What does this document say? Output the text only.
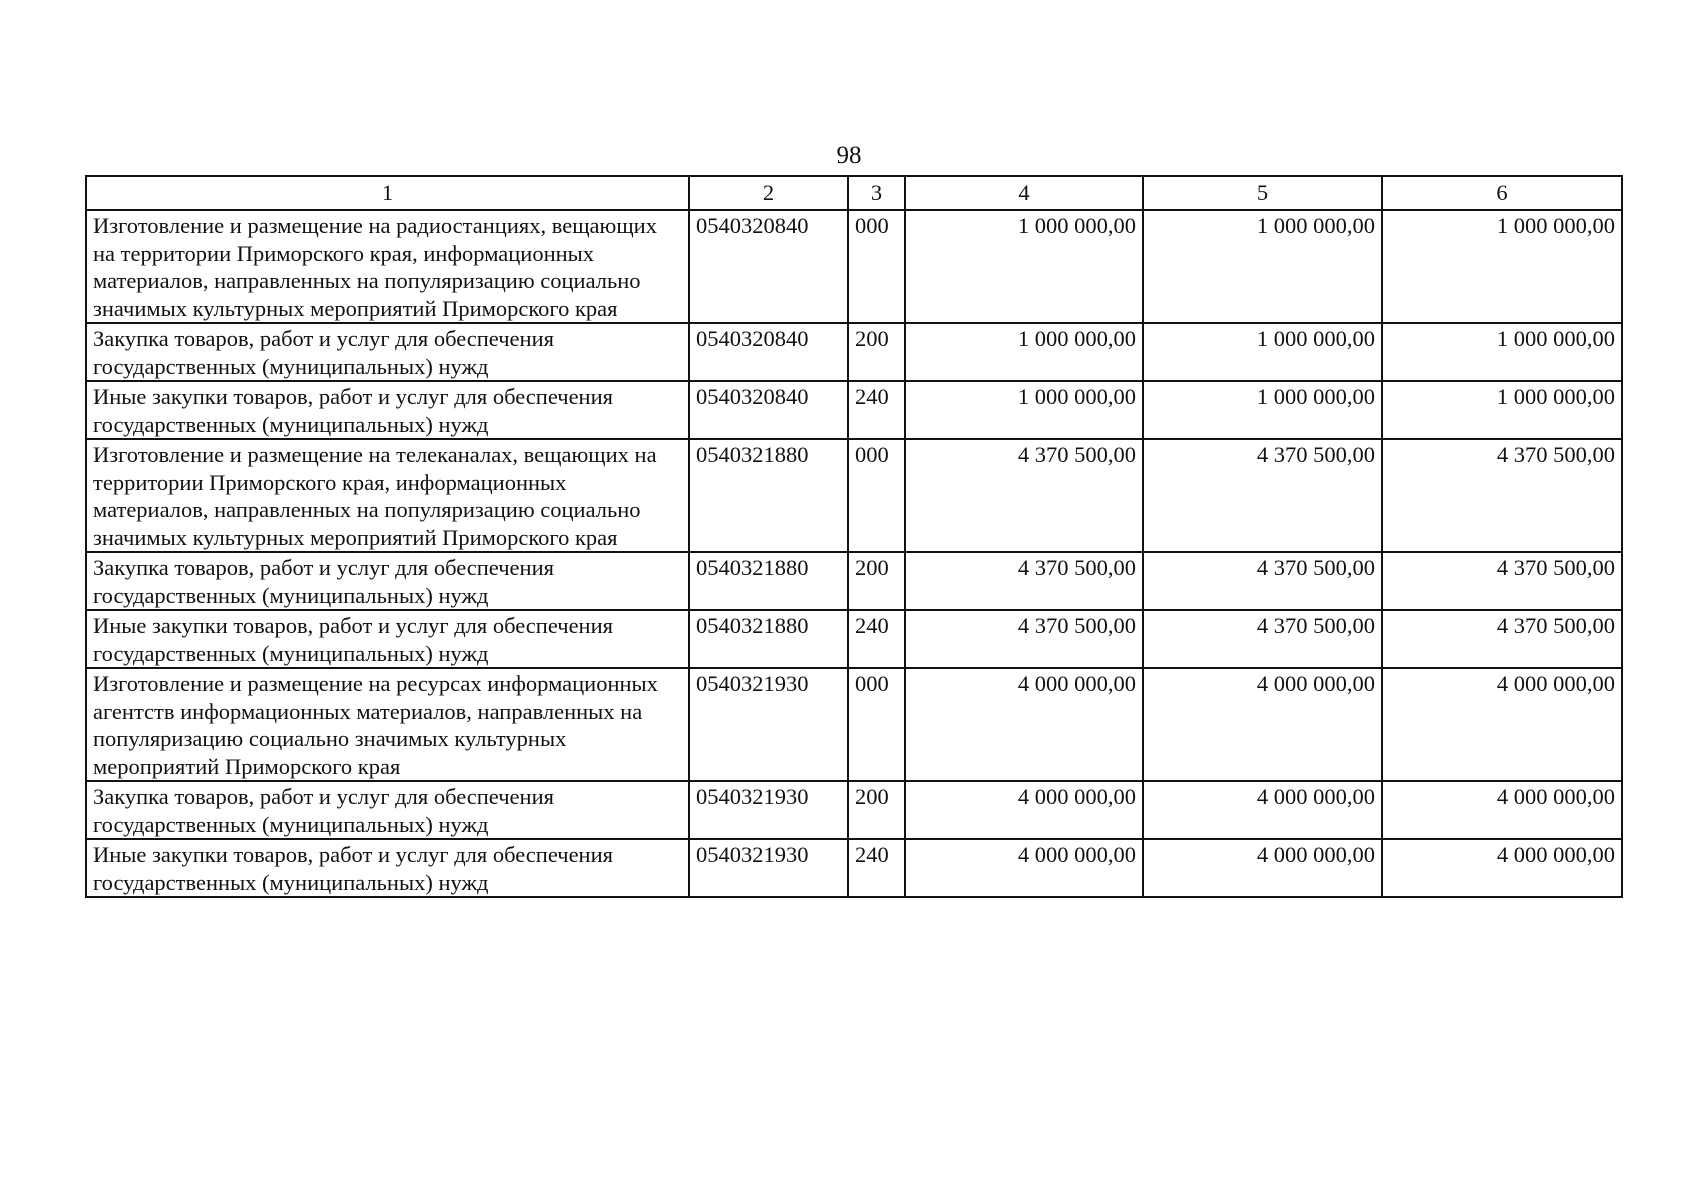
98
1	2	3	4	5	6
Изготовление и размещение на радиостанциях, вещающих на территории Приморского края, информационных материалов, направленных на популяризацию социально значимых культурных мероприятий Приморского края	0540320840	000	1 000 000,00	1 000 000,00	1 000 000,00
Закупка товаров, работ и услуг для обеспечения государственных (муниципальных) нужд	0540320840	200	1 000 000,00	1 000 000,00	1 000 000,00
Иные закупки товаров, работ и услуг для обеспечения государственных (муниципальных) нужд	0540320840	240	1 000 000,00	1 000 000,00	1 000 000,00
Изготовление и размещение на телеканалах, вещающих на территории Приморского края, информационных материалов, направленных на популяризацию социально значимых культурных мероприятий Приморского края	0540321880	000	4 370 500,00	4 370 500,00	4 370 500,00
Закупка товаров, работ и услуг для обеспечения государственных (муниципальных) нужд	0540321880	200	4 370 500,00	4 370 500,00	4 370 500,00
Иные закупки товаров, работ и услуг для обеспечения государственных (муниципальных) нужд	0540321880	240	4 370 500,00	4 370 500,00	4 370 500,00
Изготовление и размещение на ресурсах информационных агентств информационных материалов, направленных на популяризацию социально значимых культурных мероприятий Приморского края	0540321930	000	4 000 000,00	4 000 000,00	4 000 000,00
Закупка товаров, работ и услуг для обеспечения государственных (муниципальных) нужд	0540321930	200	4 000 000,00	4 000 000,00	4 000 000,00
Иные закупки товаров, работ и услуг для обеспечения государственных (муниципальных) нужд	0540321930	240	4 000 000,00	4 000 000,00	4 000 000,00
